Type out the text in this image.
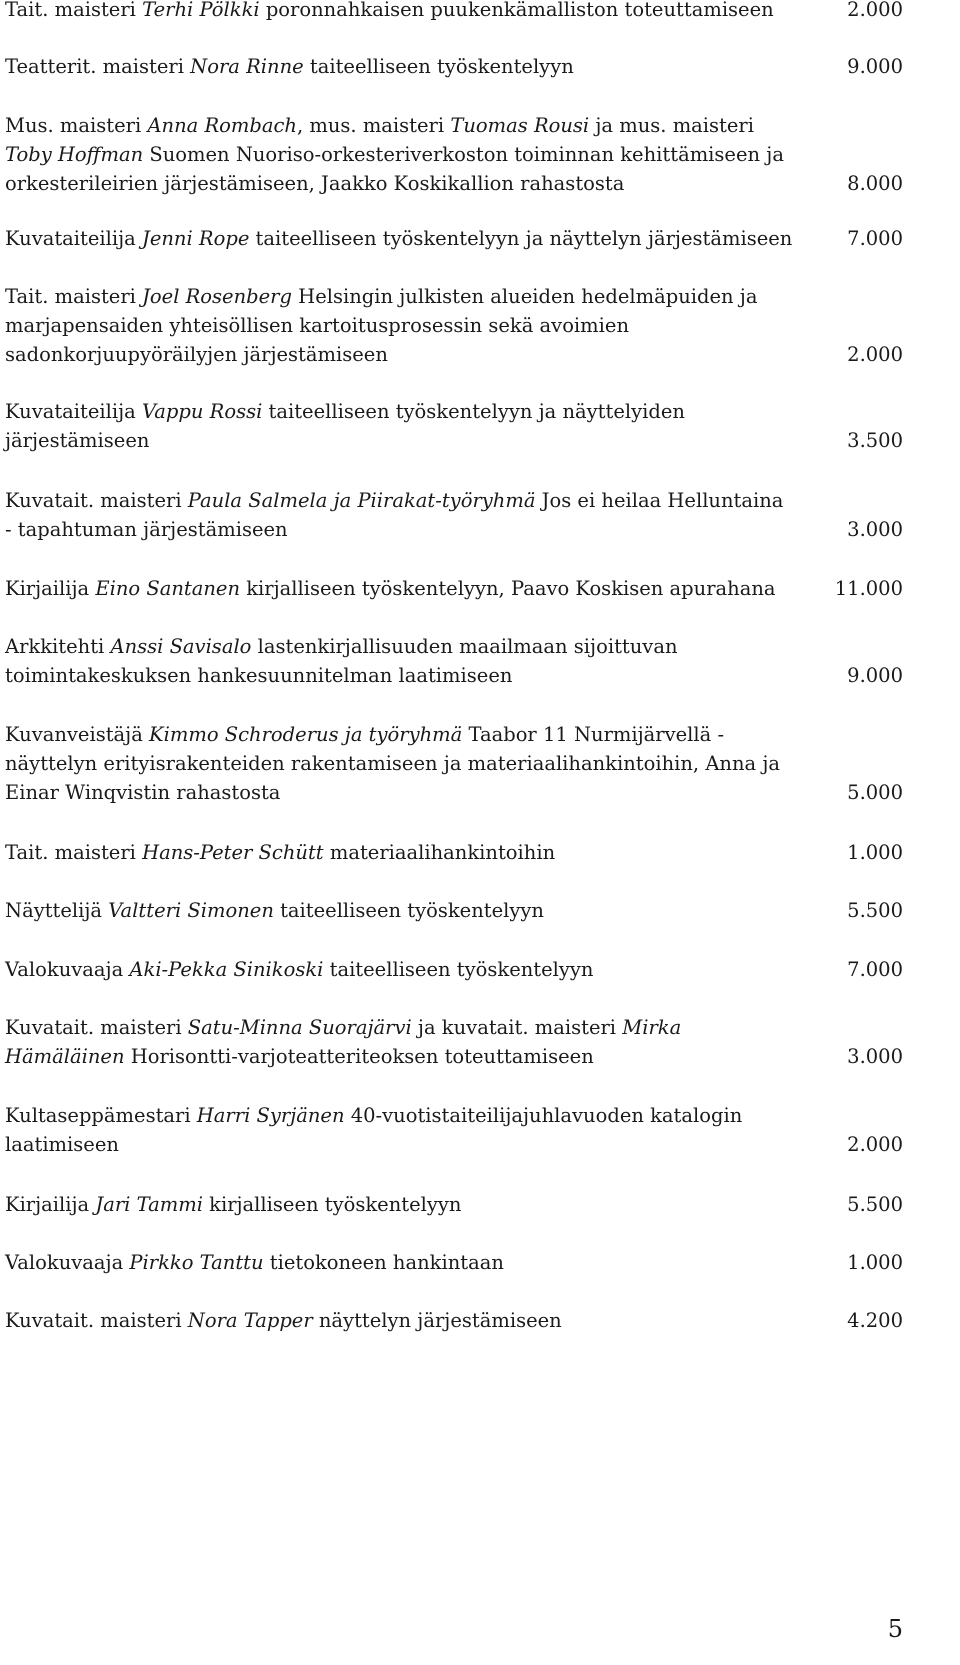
Tait. maisteri Terhi Pölkki poronnahkaisen puukenkämalliston toteuttamiseen	2.000
Teatterit. maisteri Nora Rinne taiteelliseen työskentelyyn	9.000
Mus. maisteri Anna Rombach, mus. maisteri Tuomas Rousi ja mus. maisteri Toby Hoffman Suomen Nuoriso-orkesteriverkoston toiminnan kehittämiseen ja orkesterileirien järjestämiseen, Jaakko Koskikallion rahastosta	8.000
Kuvataiteilija Jenni Rope taiteelliseen työskentelyyn ja näyttelyn järjestämiseen	7.000
Tait. maisteri Joel Rosenberg Helsingin julkisten alueiden hedelmäpuiden ja marjapensaiden yhteisöllisen kartoitusprosessin sekä avoimien sadonkorjuupyöräilyjen järjestämiseen	2.000
Kuvataiteilija Vappu Rossi taiteelliseen työskentelyyn ja näyttelyiden järjestämiseen	3.500
Kuvatait. maisteri Paula Salmela ja Piirakat-työryhmä Jos ei heilaa Helluntaina - tapahtuman järjestämiseen	3.000
Kirjailija Eino Santanen kirjalliseen työskentelyyn, Paavo Koskisen apurahana	11.000
Arkkitehti Anssi Savisalo lastenkirjallisuuden maailmaan sijoittuvan toimintakeskuksen hankesuunnitelman laatimiseen	9.000
Kuvanveistäjä Kimmo Schroderus ja työryhmä Taabor 11 Nurmijärvellä -näyttelyn erityisrakenteiden rakentamiseen ja materiaalihankintoihin, Anna ja Einar Winqvistin rahastosta	5.000
Tait. maisteri Hans-Peter Schütt materiaalihankintoihin	1.000
Näyttelijä Valtteri Simonen taiteelliseen työskentelyyn	5.500
Valokuvaaja Aki-Pekka Sinikoski taiteelliseen työskentelyyn	7.000
Kuvatait. maisteri Satu-Minna Suorajärvi ja kuvatait. maisteri Mirka Hämäläinen Horisontti-varjoteatteriteoksen toteuttamiseen	3.000
Kultaseppämestari Harri Syrjänen 40-vuotistaiteilijajuhlavuoden katalogin laatimiseen	2.000
Kirjailija Jari Tammi kirjalliseen työskentelyyn	5.500
Valokuvaaja Pirkko Tanttu tietokoneen hankintaan	1.000
Kuvatait. maisteri Nora Tapper näyttelyn järjestämiseen	4.200
5
